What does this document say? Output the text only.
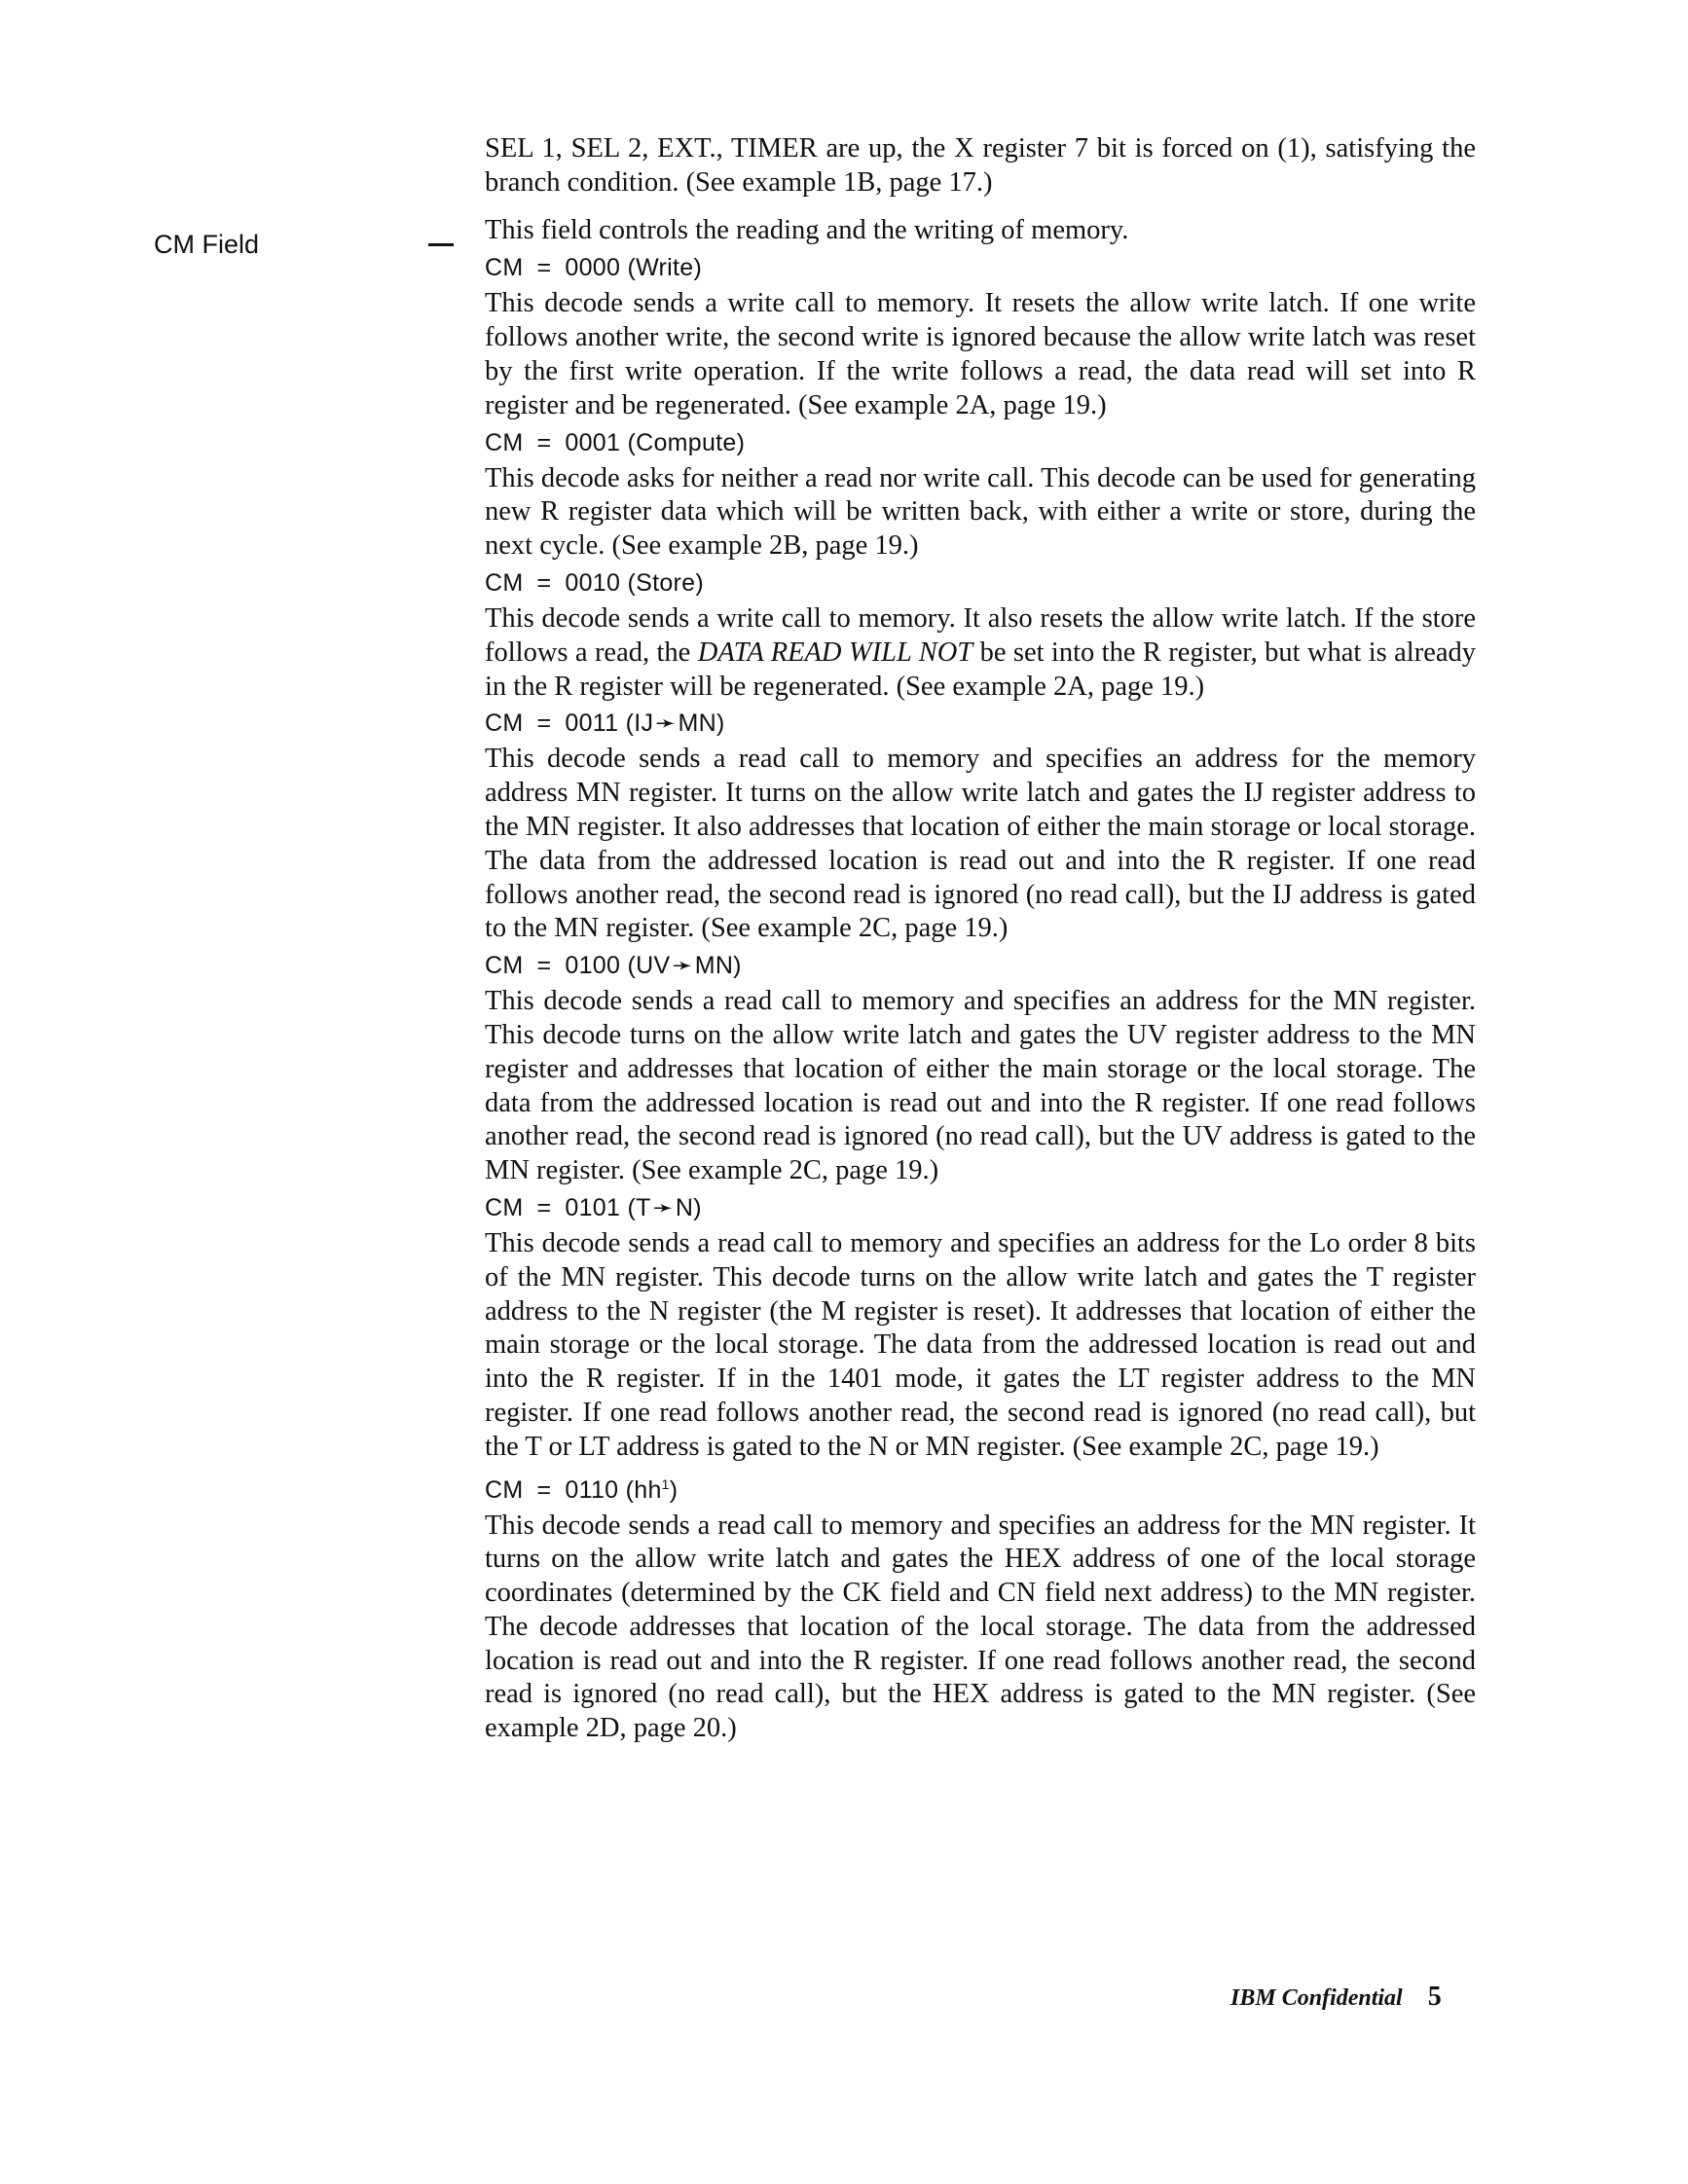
CM Field

SEL 1, SEL 2, EXT., TIMER are up, the X register 7 bit is forced on (1), satisfying the branch condition. (See example 1B, page 17.)

This field controls the reading and the writing of memory.

CM = 0000 (Write)

This decode sends a write call to memory. It resets the allow write latch. If one write follows another write, the second write is ignored because the allow write latch was reset by the first write operation. If the write follows a read, the data read will set into R register and be regenerated. (See example 2A, page 19.)

CM = 0001 (Compute)

This decode asks for neither a read nor write call. This decode can be used for generating new R register data which will be written back, with either a write or store, during the next cycle. (See example 2B, page 19.)

CM = 0010 (Store)

This decode sends a write call to memory. It also resets the allow write latch. If the store follows a read, the DATA READ WILL NOT be set into the R register, but what is already in the R register will be regenerated. (See example 2A, page 19.)

CM = 0011 (IJ➛MN)

This decode sends a read call to memory and specifies an address for the memory address MN register. It turns on the allow write latch and gates the IJ register address to the MN register. It also addresses that location of either the main storage or local storage. The data from the addressed location is read out and into the R register. If one read follows another read, the second read is ignored (no read call), but the IJ address is gated to the MN register. (See example 2C, page 19.)

CM = 0100 (UV➛MN)

This decode sends a read call to memory and specifies an address for the MN register. This decode turns on the allow write latch and gates the UV register address to the MN register and addresses that location of either the main storage or the local storage. The data from the addressed location is read out and into the R register. If one read follows another read, the second read is ignored (no read call), but the UV address is gated to the MN register. (See example 2C, page 19.)

CM = 0101 (T➛N)

This decode sends a read call to memory and specifies an address for the Lo order 8 bits of the MN register. This decode turns on the allow write latch and gates the T register address to the N register (the M register is reset). It addresses that location of either the main storage or the local storage. The data from the addressed location is read out and into the R register. If in the 1401 mode, it gates the LT register address to the MN register. If one read follows another read, the second read is ignored (no read call), but the T or LT address is gated to the N or MN register. (See example 2C, page 19.)

CM = 0110 $(hh^1)$

This decode sends a read call to memory and specifies an address for the MN register. It turns on the allow write latch and gates the HEX address of one of the local storage coordinates (determined by the CK field and CN field next address) to the MN register. The decode addresses that location of the local storage. The data from the addressed location is read out and into the R register. If one read follows another read, the second read is ignored (no read call), but the HEX address is gated to the MN register. (See example 2D, page 20.)

IBM Confidential 5
